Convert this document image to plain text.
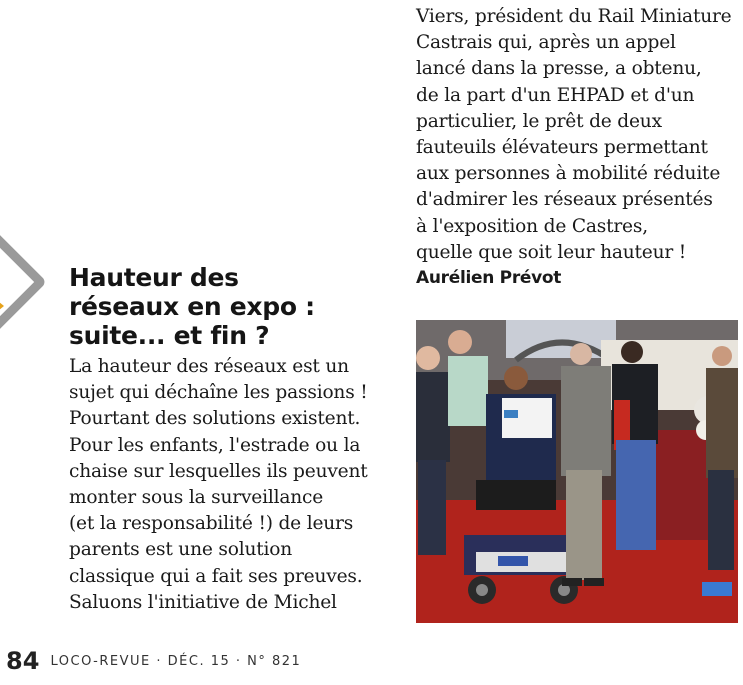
Viers, président du Rail Miniature
Castrais qui, après un appel
lancé dans la presse, a obtenu,
de la part d'un EHPAD et d'un
particulier, le prêt de deux
fauteuils élévateurs permettant
aux personnes à mobilité réduite
d'admirer les réseaux présentés
à l'exposition de Castres,
quelle que soit leur hauteur !

Aurélien Prévot
Hauteur des
réseaux en expo :
suite... et fin ?

La hauteur des réseaux est un
sujet qui déchaîne les passions !
Pourtant des solutions existent.
Pour les enfants, l'estrade ou la
chaise sur lesquelles ils peuvent
monter sous la surveillance
(et la responsabilité !) de leurs
parents est une solution
classique qui a fait ses preuves.
Saluons l'initiative de Michel

84 LOCO-REVUE · DÉC. 15 · N° 821
